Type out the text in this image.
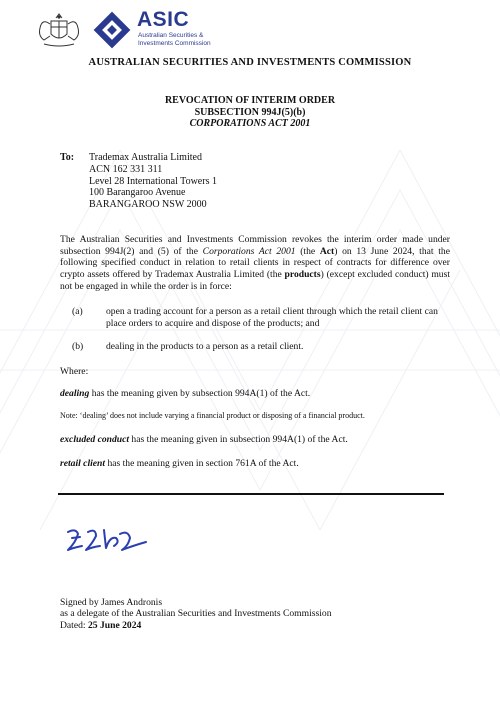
ASIC
Australian Securities &
Investments Commission
AUSTRALIAN SECURITIES AND INVESTMENTS COMMISSION
REVOCATION OF INTERIM ORDER
SUBSECTION 994J(5)(b)
CORPORATIONS ACT 2001
To: Trademax Australia Limited
ACN 162 331 311
Level 28 International Towers 1
100 Barangaroo Avenue
BARANGAROO NSW 2000
The Australian Securities and Investments Commission revokes the interim order made under subsection 994J(2) and (5) of the Corporations Act 2001 (the Act) on 13 June 2024, that the following specified conduct in relation to retail clients in respect of contracts for difference over crypto assets offered by Trademax Australia Limited (the products) (except excluded conduct) must not be engaged in while the order is in force:
(a) open a trading account for a person as a retail client through which the retail client can place orders to acquire and dispose of the products; and
(b) dealing in the products to a person as a retail client.
Where:
dealing has the meaning given by subsection 994A(1) of the Act.
Note: ‘dealing’ does not include varying a financial product or disposing of a financial product.
excluded conduct has the meaning given in subsection 994A(1) of the Act.
retail client has the meaning given in section 761A of the Act.
Signed by James Andronis
as a delegate of the Australian Securities and Investments Commission
Dated: 25 June 2024
